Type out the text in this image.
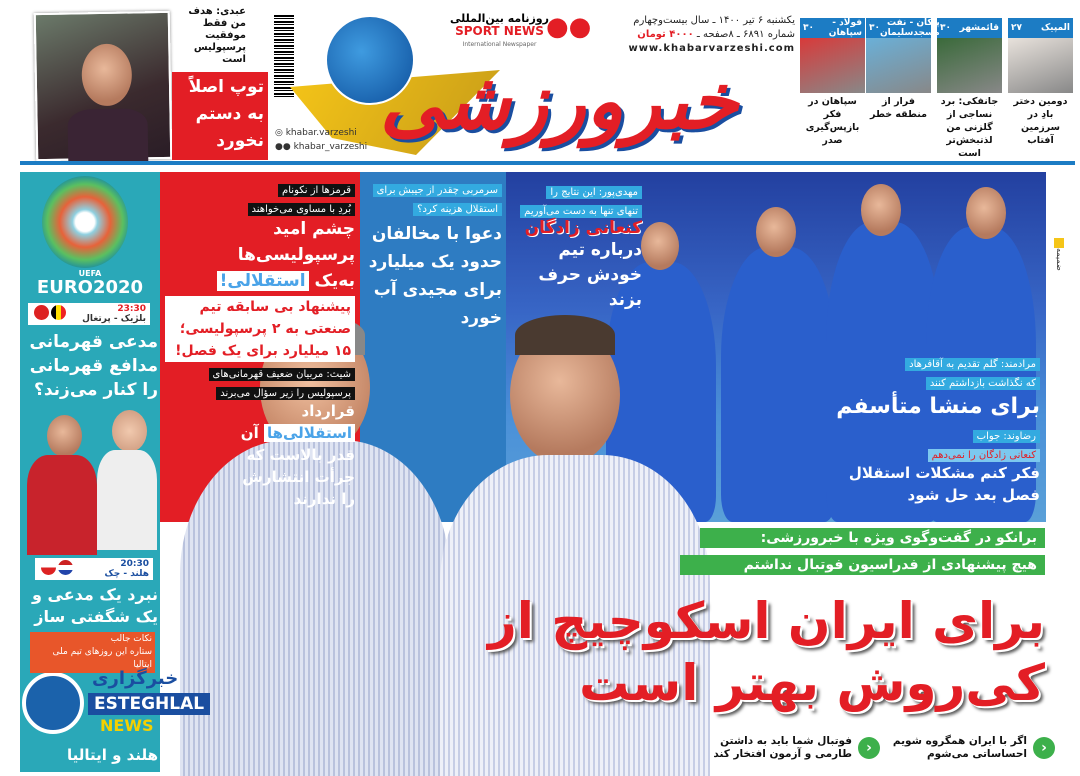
عبدی: هدف من فقط موفقیت پرسپولیس است
توپ اصلاً به دستم نخورد	◎ khabar.varzeshi
●● khabar_varzeshi خبرورزشی
روزنامه بین‌المللی
SPORT NEWS
International Newspaper
●●	یکشنبه ۶ تیر ۱۴۰۰ ـ سال بیست‌وچهارم
شماره ۶۸۹۱ ـ ۸صفحه ـ ۴۰۰۰ تومان
www.khabarvarzeshi.com
۲۷ المپیک
دومین دختر بادِ در سرزمین آفتاب
۳۰ قائمشهر
جانفکی: برد نساجی از گلزنی من لذتبخش‌تر است
۳۰ پیکان - نفت مسجدسلیمان
فرار از منطقه خطر
۳۰	فولاد - سپاهان
سپاهان در فکر بازپس‌گیری صدر
UEFA
EURO2020
23:30
بلژیک - پرتغال
مدعی قهرمانی مدافع قهرمانی را کنار می‌زند؟
20:30
هلند - چک
نبرد یک مدعی و یک شگفتی ساز
نکات جالب
ستاره این روزهای تیم ملی ایتالیا
خبرگزاری
ESTEGHLAL
NEWS
هلند و ایتالیا
قرمزها از نکونام
بُردِ با مساوی می‌خواهند
چشم امید پرسپولیسی‌ها
به‌یک استقلالی!
پیشنهاد بی سابقه تیم صنعتی به ۲ پرسپولیسی؛ ۱۵ میلیارد برای یک فصل!
شیث: مربیان ضعیف قهرمانی‌های
پرسپولیس را زیر سؤال می‌برند
قرارداد استقلالی‌ها آن قدر بالاست که جرأت انتشارش را ندارند
سرمربی چقدر از جیبش برای
استقلال هزینه کرد؟
دعوا با مخالفان حدود یک میلیارد برای مجیدی آب خورد
مهدی‌پور: این نتایج را
تنهای تنها به دست می‌آوریم
کنعانی زادگان
درباره تیم خودش حرف بزند
مرادمند: گلم تقدیم به آقافرهاد
که نگذاشت بازداشتم کنند
برای منشا متأسفم
رضاوند: جواب
کنعانی زادگان را نمی‌دهم
فکر کنم مشکلات استقلال فصل بعد حل شود
ضمیمه
برانکو در گفت‌وگوی ویژه با خبرورزشی:
هیچ پیشنهادی از فدراسیون فوتبال نداشتم
برای ایران اسکوچیچ از
کی‌روش بهتر است
‹
اگر با ایران همگروه شویم
احساساتی می‌شوم
‹
فوتبال شما باید به داشتن
طارمی و آزمون افتخار کند
